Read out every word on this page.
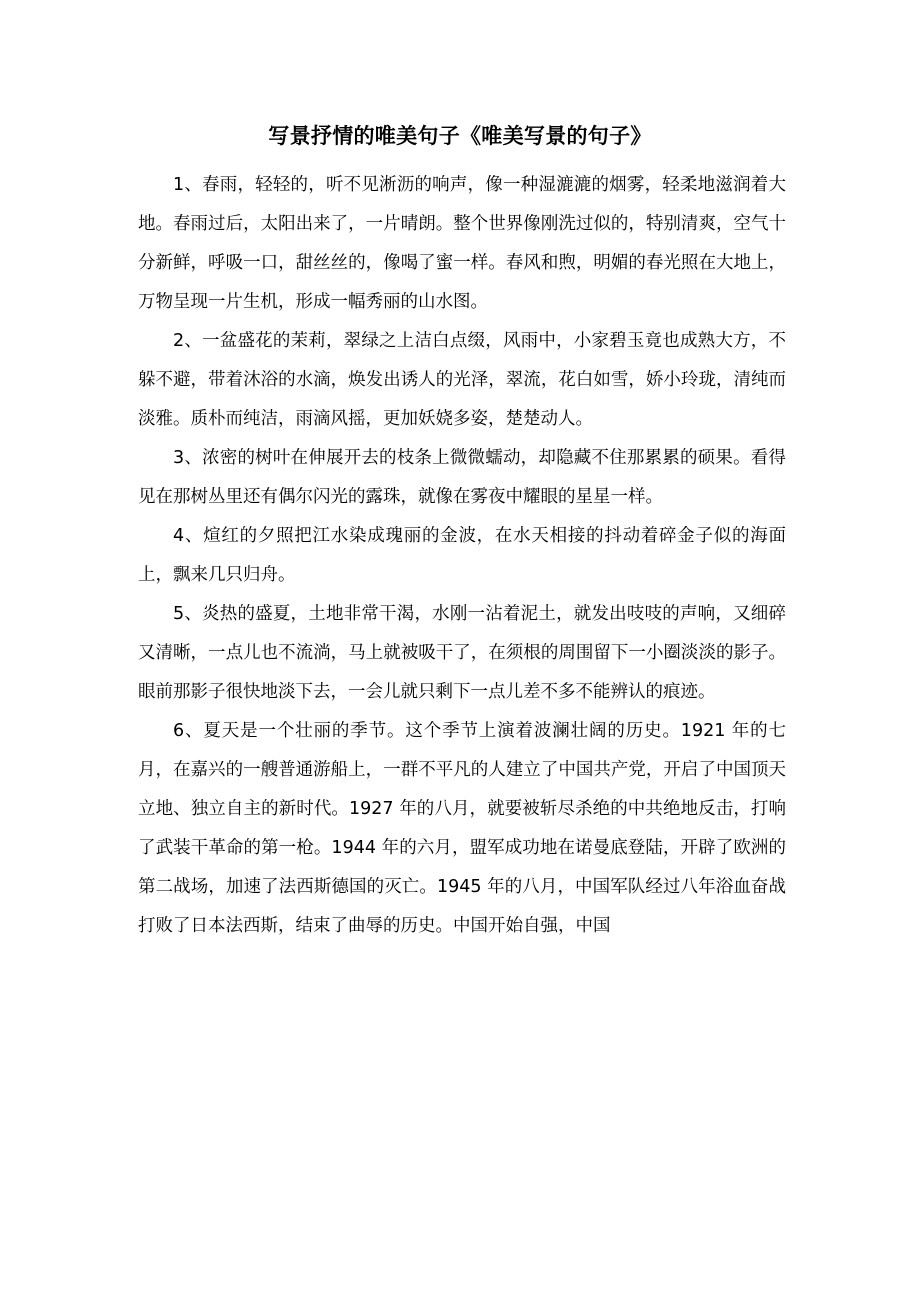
写景抒情的唯美句子《唯美写景的句子》

1、春雨，轻轻的，听不见淅沥的响声，像一种湿漉漉的烟雾，轻柔地滋润着大地。春雨过后，太阳出来了，一片晴朗。整个世界像刚洗过似的，特别清爽，空气十分新鲜，呼吸一口，甜丝丝的，像喝了蜜一样。春风和煦，明媚的春光照在大地上，万物呈现一片生机，形成一幅秀丽的山水图。

2、一盆盛花的茉莉，翠绿之上洁白点缀，风雨中，小家碧玉竟也成熟大方，不躲不避，带着沐浴的水滴，焕发出诱人的光泽，翠流，花白如雪，娇小玲珑，清纯而淡雅。质朴而纯洁，雨滴风摇，更加妖娆多姿，楚楚动人。

3、浓密的树叶在伸展开去的枝条上微微蠕动，却隐藏不住那累累的硕果。看得见在那树丛里还有偶尔闪光的露珠，就像在雾夜中耀眼的星星一样。

4、煊红的夕照把江水染成瑰丽的金波，在水天相接的抖动着碎金子似的海面上，飘来几只归舟。

5、炎热的盛夏，土地非常干渴，水刚一沾着泥土，就发出吱吱的声响，又细碎又清晰，一点儿也不流淌，马上就被吸干了，在须根的周围留下一小圈淡淡的影子。眼前那影子很快地淡下去，一会儿就只剩下一点儿差不多不能辨认的痕迹。

6、夏天是一个壮丽的季节。这个季节上演着波澜壮阔的历史。1921 年的七月，在嘉兴的一艘普通游船上，一群不平凡的人建立了中国共产党，开启了中国顶天立地、独立自主的新时代。1927 年的八月，就要被斩尽杀绝的中共绝地反击，打响了武装干革命的第一枪。1944 年的六月，盟军成功地在诺曼底登陆，开辟了欧洲的第二战场，加速了法西斯德国的灭亡。1945 年的八月，中国军队经过八年浴血奋战打败了日本法西斯，结束了曲辱的历史。中国开始自强，中国
